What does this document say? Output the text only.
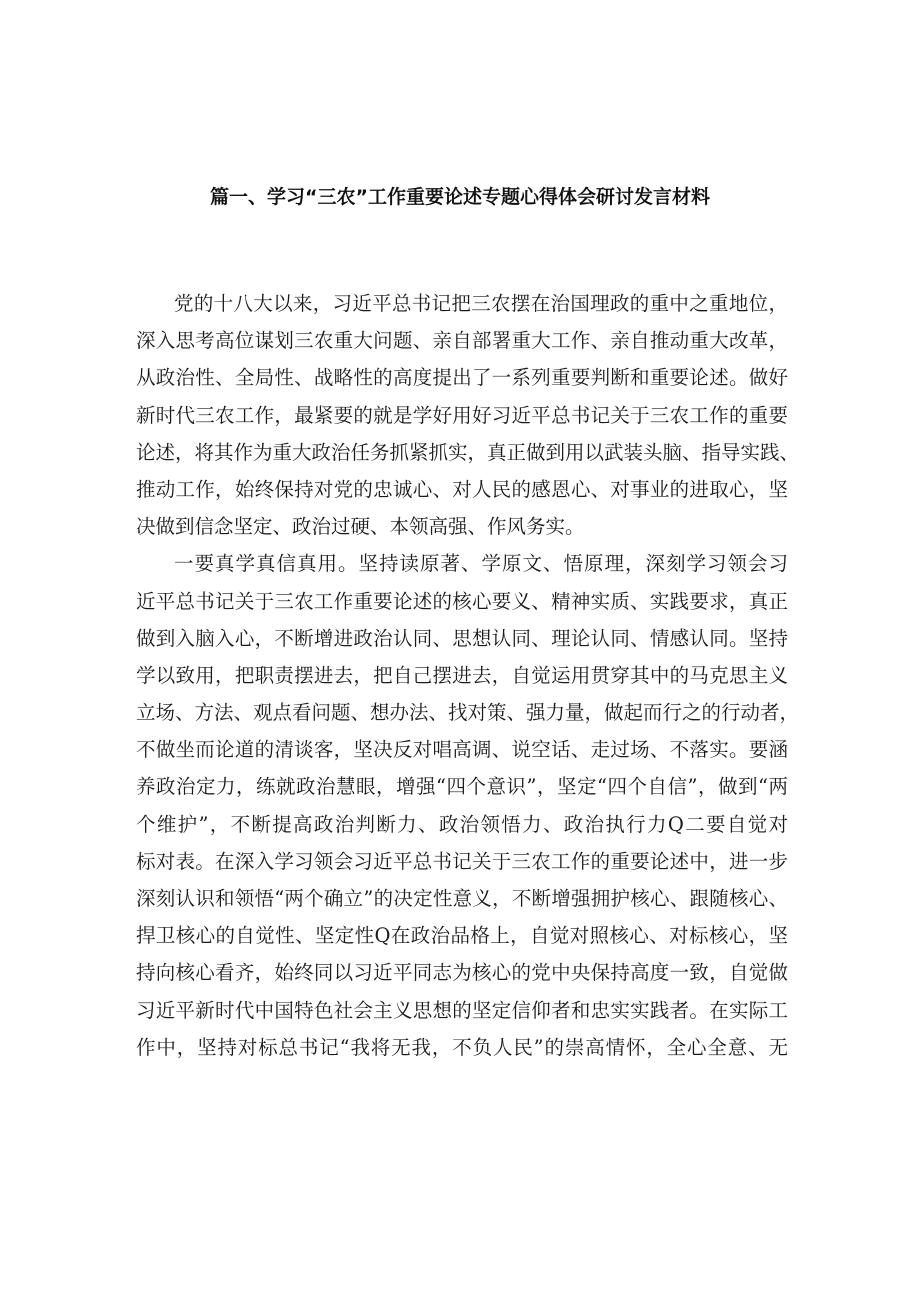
篇一、学习“三农”工作重要论述专题心得体会研讨发言材料
党的十八大以来，习近平总书记把三农摆在治国理政的重中之重地位，
深入思考高位谋划三农重大问题、亲自部署重大工作、亲自推动重大改革，
从政治性、全局性、战略性的高度提出了一系列重要判断和重要论述。做好
新时代三农工作，最紧要的就是学好用好习近平总书记关于三农工作的重要
论述，将其作为重大政治任务抓紧抓实，真正做到用以武装头脑、指导实践、
推动工作，始终保持对党的忠诚心、对人民的感恩心、对事业的进取心，坚
决做到信念坚定、政治过硬、本领高强、作风务实。
一要真学真信真用。坚持读原著、学原文、悟原理，深刻学习领会习
近平总书记关于三农工作重要论述的核心要义、精神实质、实践要求，真正
做到入脑入心，不断增进政治认同、思想认同、理论认同、情感认同。坚持
学以致用，把职责摆进去，把自己摆进去，自觉运用贯穿其中的马克思主义
立场、方法、观点看问题、想办法、找对策、强力量，做起而行之的行动者，
不做坐而论道的清谈客，坚决反对唱高调、说空话、走过场、不落实。要涵
养政治定力，练就政治慧眼，增强“四个意识”，坚定“四个自信”，做到“两
个维护”，不断提高政治判断力、政治领悟力、政治执行力Q二要自觉对
标对表。在深入学习领会习近平总书记关于三农工作的重要论述中，进一步
深刻认识和领悟“两个确立”的决定性意义，不断增强拥护核心、跟随核心、
捍卫核心的自觉性、坚定性Q在政治品格上，自觉对照核心、对标核心，坚
持向核心看齐，始终同以习近平同志为核心的党中央保持高度一致，自觉做
习近平新时代中国特色社会主义思想的坚定信仰者和忠实实践者。在实际工
作中，坚持对标总书记“我将无我，不负人民”的崇高情怀，全心全意、无
